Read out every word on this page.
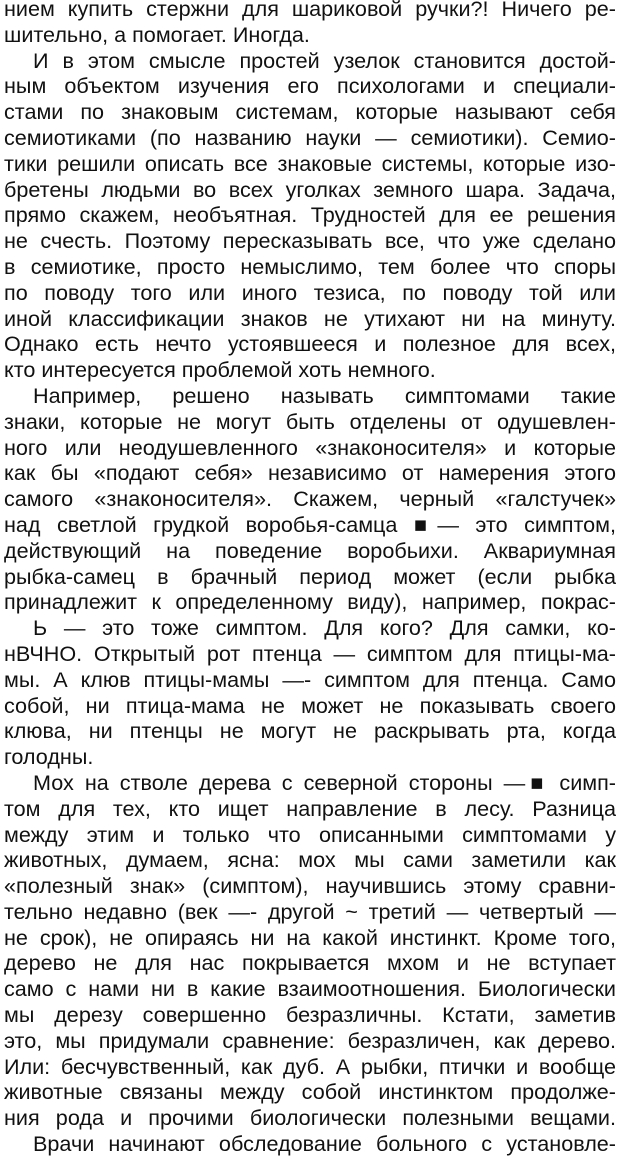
нием купить стержни для шариковой ручки?! Ничего ре-
шительно, а помогает. Иногда.
И в этом смысле простей узелок становится достой-
ным объектом изучения его психологами и специали-
стами по знаковым системам, которые называют себя
семиотиками (по названию науки — семиотики). Семио-
тики решили описать все знаковые системы, которые изо-
бретены людьми во всех уголках земного шара. Задача,
прямо скажем, необъятная. Трудностей для ее решения
не счесть. Поэтому пересказывать все, что уже сделано
в семиотике, просто немыслимо, тем более что споры
по поводу того или иного тезиса, по поводу той или
иной классификации знаков не утихают ни на минуту.
Однако есть нечто устоявшееся и полезное для всех,
кто интересуется проблемой хоть немного.
Например, решено называть симптомами такие
знаки, которые не могут быть отделены от одушевлен-
ного или неодушевленного «знаконосителя» и которые
как бы «подают себя» независимо от намерения этого
самого «знаконосителя». Скажем, черный «галстучек»
над светлой грудкой воробья-самца ■— это симптом,
действующий на поведение воробьихи. Аквариумная
рыбка-самец в брачный период может (если рыбка
принадлежит к определенному виду), например, покрас-
Ь — это тоже симптом. Для кого? Для самки, ко-
нВЧНО. Открытый рот птенца — симптом для птицы-ма-
мы. А клюв птицы-мамы —- симптом для птенца. Само
собой, ни птица-мама не может не показывать своего
клюва, ни птенцы не могут не раскрывать рта, когда
голодны.
Мох на стволе дерева с северной стороны —■ симп-
том для тех, кто ищет направление в лесу. Разница
между этим и только что описанными симптомами у
животных, думаем, ясна: мох мы сами заметили как
«полезный знак» (симптом), научившись этому сравни-
тельно недавно (век —- другой ~ третий — четвертый —
не срок), не опираясь ни на какой инстинкт. Кроме того,
дерево не для нас покрывается мхом и не вступает
само с нами ни в какие взаимоотношения. Биологически
мы дерезу совершенно безразличны. Кстати, заметив
это, мы придумали сравнение: безразличен, как дерево.
Или: бесчувственный, как дуб. А рыбки, птички и вообще
животные связаны между собой инстинктом продолже-
ния рода и прочими биологически полезными вещами.
Врачи начинают обследование больного с установле-
